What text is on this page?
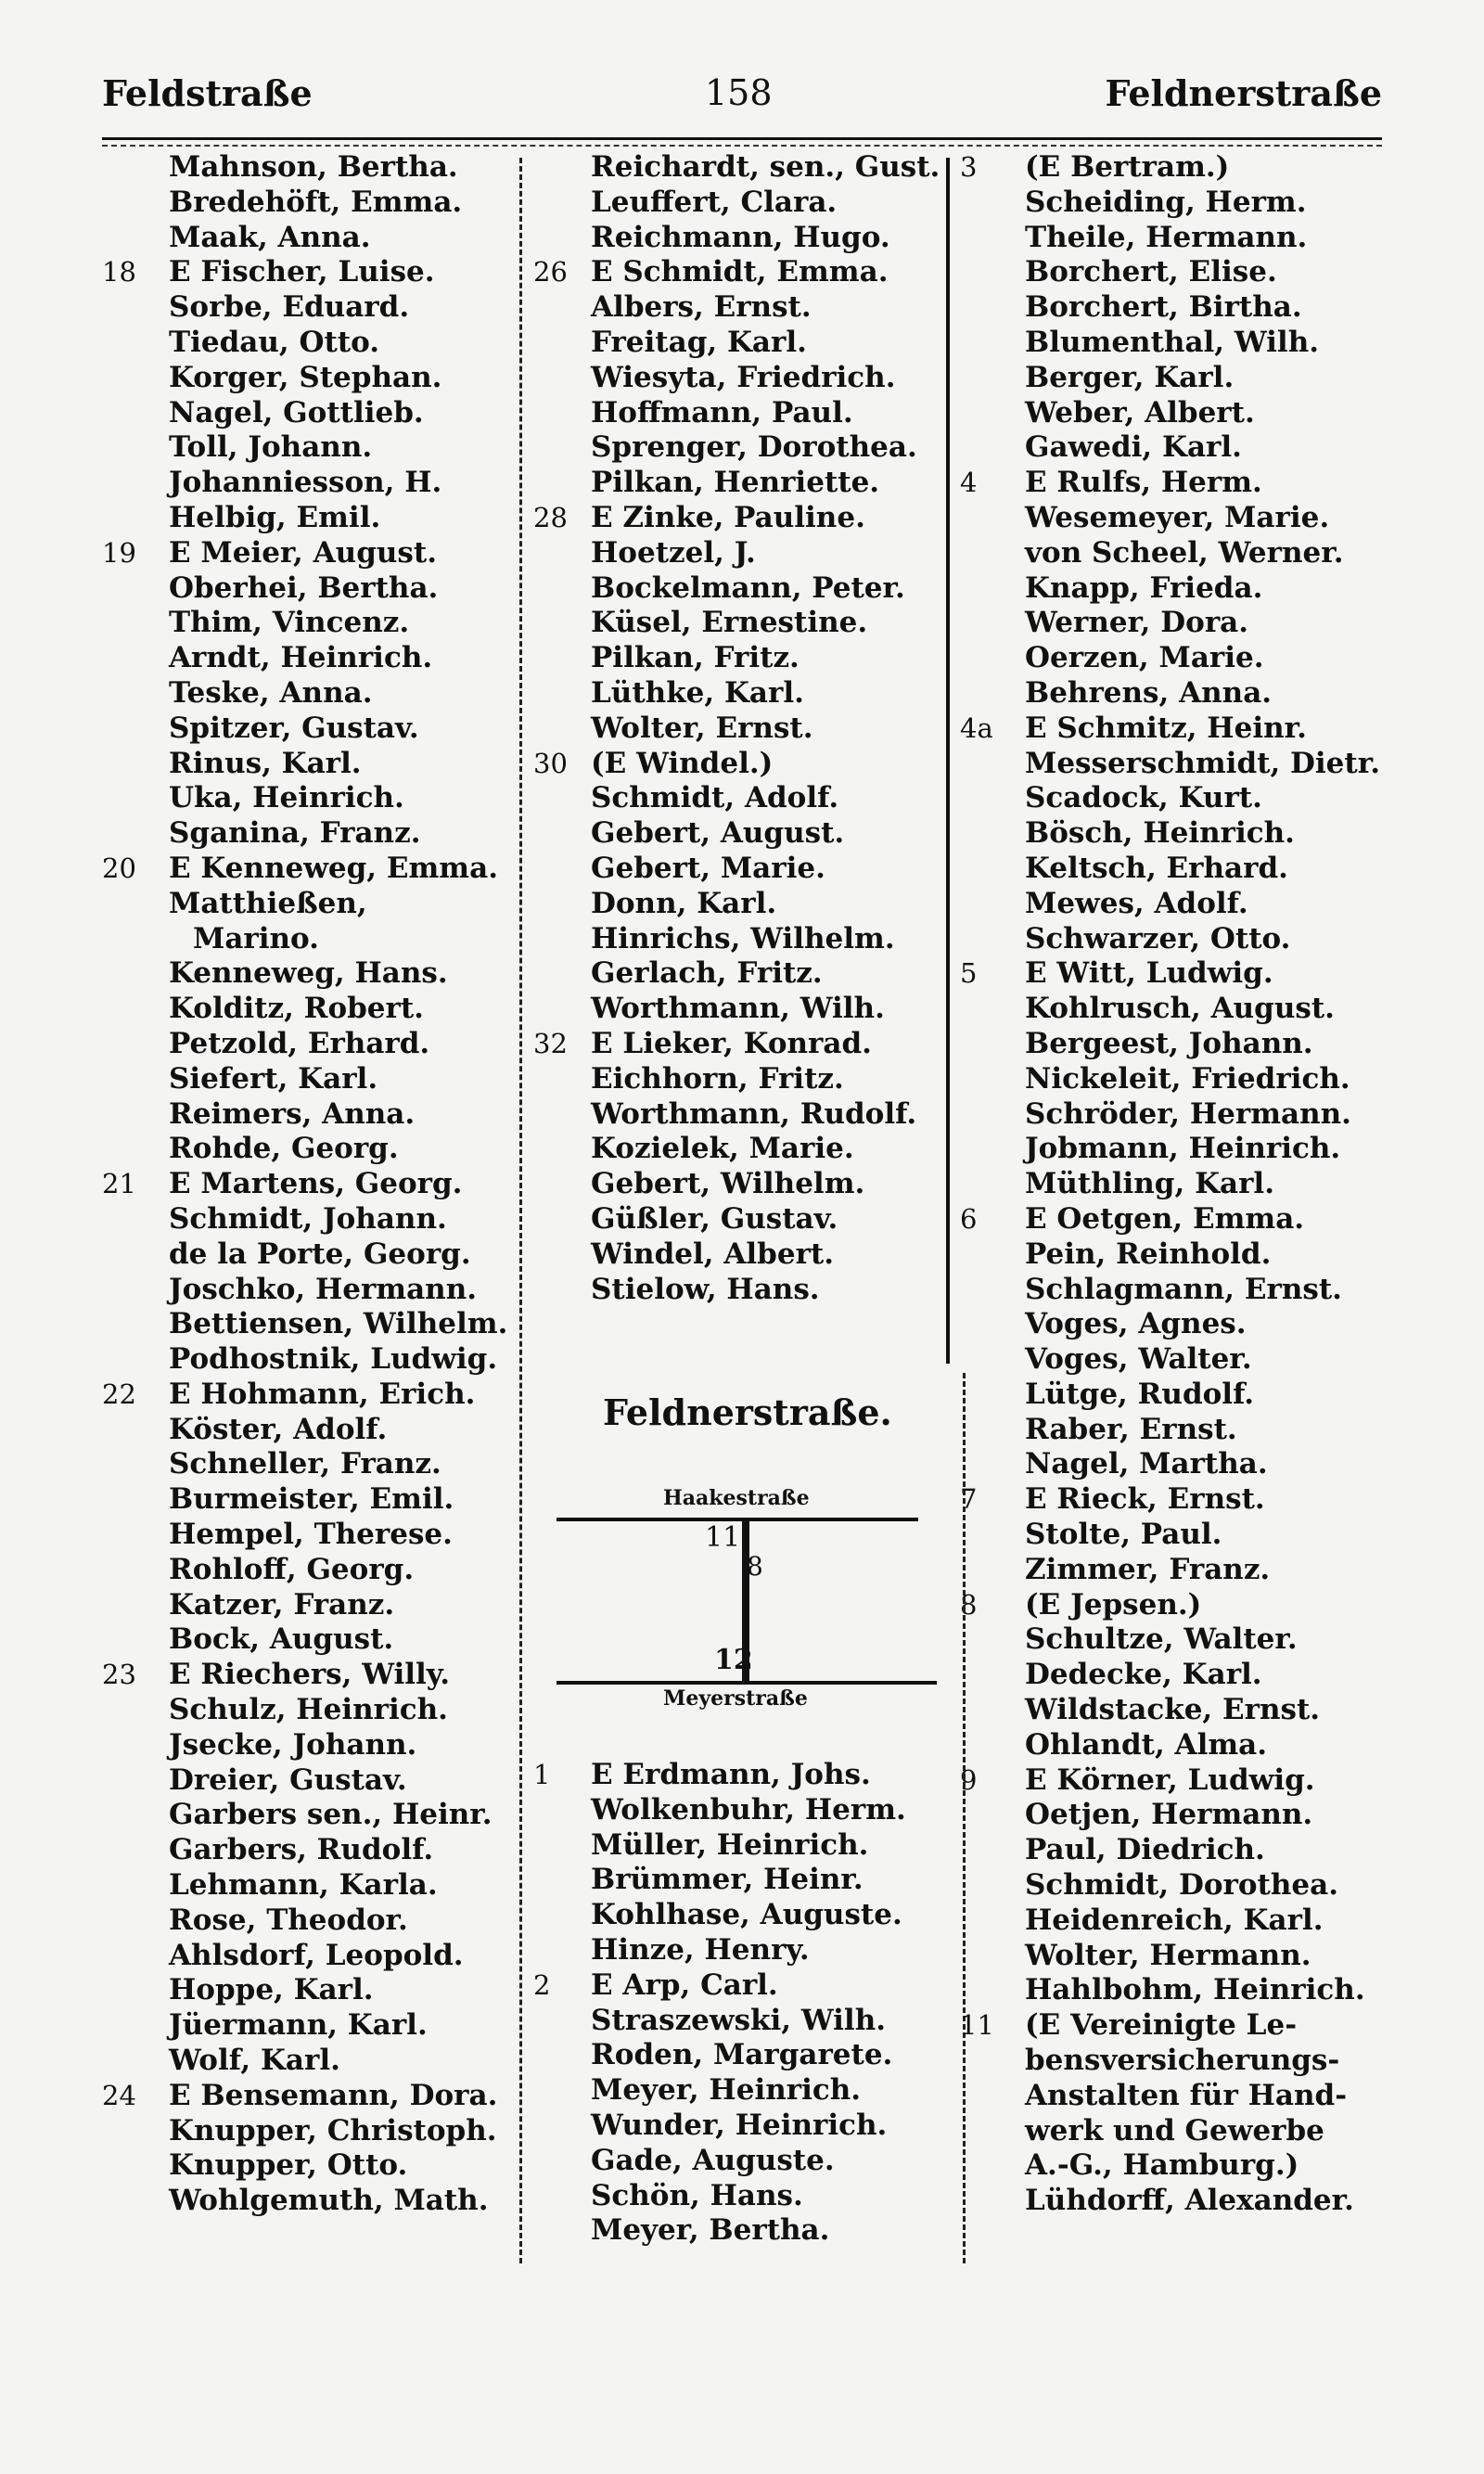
Feldstraße	158	Feldnerstraße
Mahnson, Bertha.
Bredehöft, Emma.
Maak, Anna.
18	E Fischer, Luise.
Sorbe, Eduard.
Tiedau, Otto.
Korger, Stephan.
Nagel, Gottlieb.
Toll, Johann.
Johanniesson, H.
Helbig, Emil.
19	E Meier, August.
Oberhei, Bertha.
Thim, Vincenz.
Arndt, Heinrich.
Teske, Anna.
Spitzer, Gustav.
Rinus, Karl.
Uka, Heinrich.
Sganina, Franz.
20	E Kenneweg, Emma.
Matthießen,
Marino.
Kenneweg, Hans.
Kolditz, Robert.
Petzold, Erhard.
Siefert, Karl.
Reimers, Anna.
Rohde, Georg.
21	E Martens, Georg.
Schmidt, Johann.
de la Porte, Georg.
Joschko, Hermann.
Bettiensen, Wilhelm.
Podhostnik, Ludwig.
22	E Hohmann, Erich.
Köster, Adolf.
Schneller, Franz.
Burmeister, Emil.
Hempel, Therese.
Rohloff, Georg.
Katzer, Franz.
Bock, August.
23	E Riechers, Willy.
Schulz, Heinrich.
Jsecke, Johann.
Dreier, Gustav.
Garbers sen., Heinr.
Garbers, Rudolf.
Lehmann, Karla.
Rose, Theodor.
Ahlsdorf, Leopold.
Hoppe, Karl.
Jüermann, Karl.
Wolf, Karl.
24	E Bensemann, Dora.
Knupper, Christoph.
Knupper, Otto.
Wohlgemuth, Math.
Reichardt, sen., Gust.
Leuffert, Clara.
Reichmann, Hugo.
26 E Schmidt, Emma.
Albers, Ernst.
Freitag, Karl.
Wiesyta, Friedrich.
Hoffmann, Paul.
Sprenger, Dorothea.
Pilkan, Henriette.
28 E Zinke, Pauline.
Hoetzel, J.
Bockelmann, Peter.
Küsel, Ernestine.
Pilkan, Fritz.
Lüthke, Karl.
Wolter, Ernst.
30 (E Windel.)
Schmidt, Adolf.
Gebert, August.
Gebert, Marie.
Donn, Karl.
Hinrichs, Wilhelm.
Gerlach, Fritz.
Worthmann, Wilh.
32 E Lieker, Konrad.
Eichhorn, Fritz.
Worthmann, Rudolf.
Kozielek, Marie.
Gebert, Wilhelm.
Güßler, Gustav.
Windel, Albert.
Stielow, Hans.
3	(E Bertram.)
Scheiding, Herm.
Theile, Hermann.
Borchert, Elise.
Borchert, Birtha.
Blumenthal, Wilh.
Berger, Karl.
Weber, Albert.
Gawedi, Karl.
4	E Rulfs, Herm.
Wesemeyer, Marie.
von Scheel, Werner.
Knapp, Frieda.
Werner, Dora.
Oerzen, Marie.
Behrens, Anna.
4a	E Schmitz, Heinr.
Messerschmidt, Dietr.
Scadock, Kurt.
Bösch, Heinrich.
Keltsch, Erhard.
Mewes, Adolf.
Schwarzer, Otto.
5	E Witt, Ludwig.
Kohlrusch, August.
Bergeest, Johann.
Nickeleit, Friedrich.
Schröder, Hermann.
Jobmann, Heinrich.
Müthling, Karl.
6	E Oetgen, Emma.
Pein, Reinhold.
Schlagmann, Ernst.
Voges, Agnes.
Voges, Walter.
Lütge, Rudolf.
Raber, Ernst.
Nagel, Martha.
7	E Rieck, Ernst.
Stolte, Paul.
Zimmer, Franz.
8	(E Jepsen.)
Schultze, Walter.
Dedecke, Karl.
Wildstacke, Ernst.
Ohlandt, Alma.
9	E Körner, Ludwig.
Oetjen, Hermann.
Paul, Diedrich.
Schmidt, Dorothea.
Heidenreich, Karl.
Wolter, Hermann.
Hahlbohm, Heinrich.
11	(E Vereinigte Le-
bensversicherungs-
Anstalten für Hand-
werk und Gewerbe
A.-G., Hamburg.)
Lühdorff, Alexander.
Feldnerstraße.
Haakestraße
11
8
12
Meyerstraße
1	E Erdmann, Johs.
Wolkenbuhr, Herm.
Müller, Heinrich.
Brümmer, Heinr.
Kohlhase, Auguste.
Hinze, Henry.
2	E Arp, Carl.
Straszewski, Wilh.
Roden, Margarete.
Meyer, Heinrich.
Wunder, Heinrich.
Gade, Auguste.
Schön, Hans.
Meyer, Bertha.
